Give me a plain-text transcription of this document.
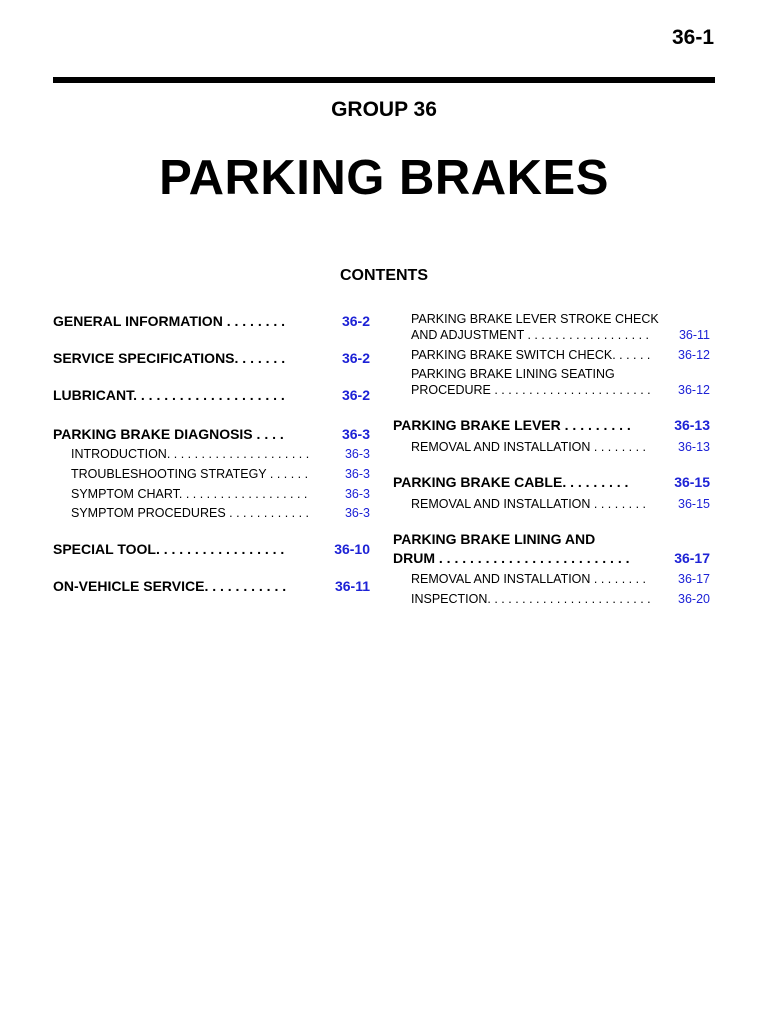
36-1
GROUP 36
PARKING BRAKES
CONTENTS
GENERAL INFORMATION . . . . . . . .	36-2
SERVICE SPECIFICATIONS. . . . . . .	36-2
LUBRICANT. . . . . . . . . . . . . . . . . . . .	36-2
PARKING BRAKE DIAGNOSIS . . . .	36-3
INTRODUCTION. . . . . . . . . . . . . . . . . . . . .	36-3
TROUBLESHOOTING STRATEGY . . . . . .	36-3
SYMPTOM CHART. . . . . . . . . . . . . . . . . . .	36-3
SYMPTOM PROCEDURES . . . . . . . . . . . .	36-3
SPECIAL TOOL. . . . . . . . . . . . . . . . .	36-10
ON-VEHICLE SERVICE. . . . . . . . . . .	36-11
PARKING BRAKE LEVER STROKE CHECK
AND ADJUSTMENT . . . . . . . . . . . . . . . . . . 36-11
PARKING BRAKE SWITCH CHECK. . . . . . 36-12
PARKING BRAKE LINING SEATING
PROCEDURE . . . . . . . . . . . . . . . . . . . . . . . 36-12
PARKING BRAKE LEVER . . . . . . . . .	36-13
REMOVAL AND INSTALLATION . . . . . . . .	36-13
PARKING BRAKE CABLE. . . . . . . . .	36-15
REMOVAL AND INSTALLATION . . . . . . . .	36-15
PARKING BRAKE LINING AND
DRUM . . . . . . . . . . . . . . . . . . . . . . . . .	36-17
REMOVAL AND INSTALLATION . . . . . . . .	36-17
INSPECTION. . . . . . . . . . . . . . . . . . . . . . . . 36-20
